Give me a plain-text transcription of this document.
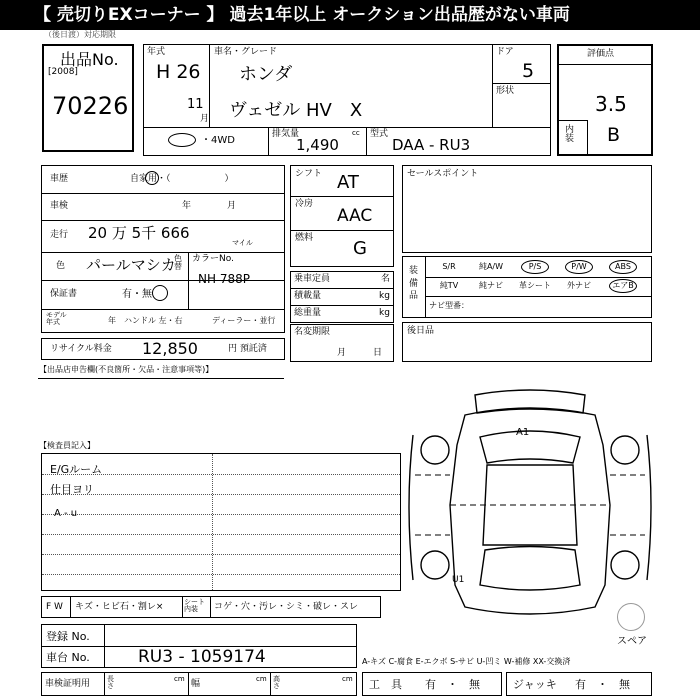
【 売切りEXコーナー 】 過去1年以上 オークション出品歴がない車両
（後日渡）対応期限
出品No.
[2008]
70226
年式
H 26
11
月
車名・グレード
ホンダ
ヴェゼル HV　X
ドア
5
形状
・4WD
排気量	cc
1,490
型式
DAA - RU3
評価点
3.5
内装 B
車歴	自家用・（　　　　　　）
車検	年　　　　月
走行 20 万 5千 666
マイル
色 パールマシカ
色替
カラーNo.
NH 788P
保証書	有・無
モデル年式	年 ハンドル 左・右	ディーラー・並行
リサイクル料金 12,850	円 預託済
【出品店申告欄(不良箇所・欠品・注意事項等)】
シフト AT
冷房
AAC
燃料 G
乗車定員	名
積載量	kg
総重量	kg
名変期限
月　　　日
セールスポイント
装備品
S/R	純A/W	P/S	P/W	ABS
純TV	純ナビ	革シート	外ナビ	エアB
ナビ型番：
後日品
【検査員記入】
E/Gルーム
仕目ヨリ
A - u
A1
U1
スペア
F W キズ・ヒビ石・割レ×	シート 内装	コゲ・穴・汚レ・シミ・破レ・スレ
登録 No.
車台 No.	RU3 - 1059174	A-キズ C-腐食 E-エクボ S-サビ U-凹ミ W-補修 XX-交換済
車検証明用 長さ
cm 幅	cm 高さ
cm 工　具 有　・　無	ジャッキ 有　・　無
